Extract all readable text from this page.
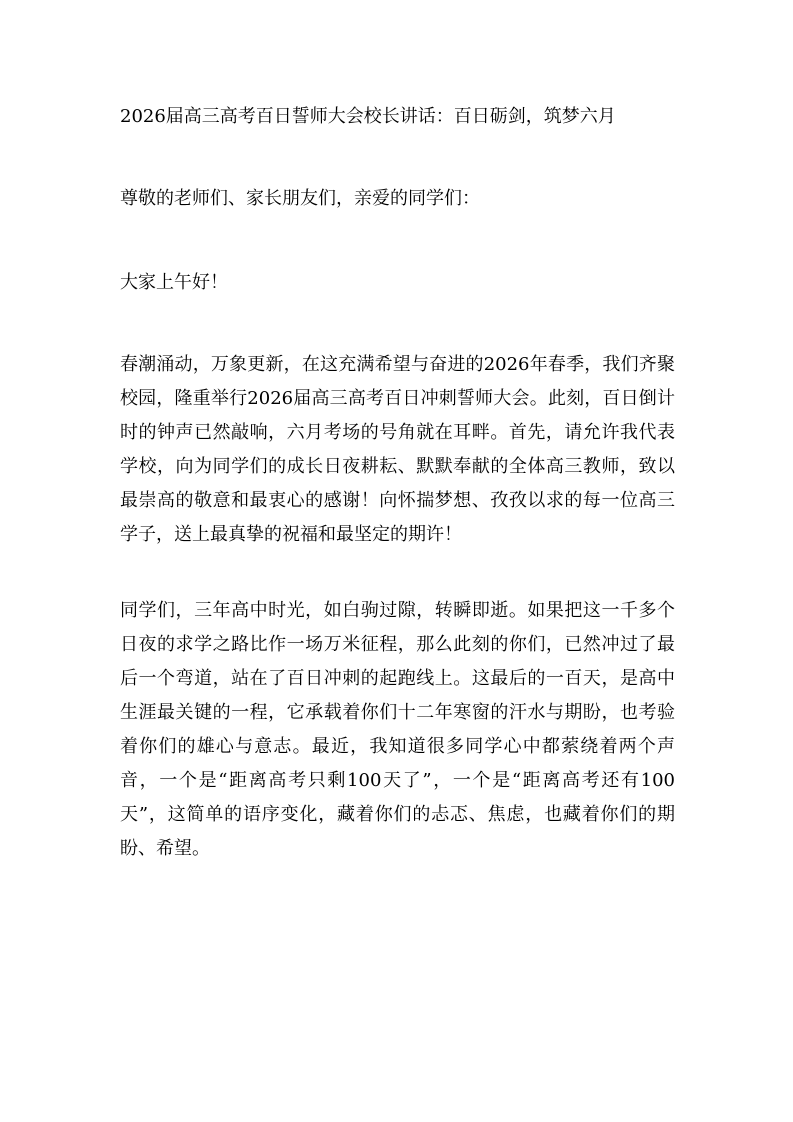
2026届高三高考百日誓师大会校长讲话：百日砺剑，筑梦六月

尊敬的老师们、家长朋友们，亲爱的同学们：

大家上午好！

春潮涌动，万象更新，在这充满希望与奋进的2026年春季，我们齐聚校园，隆重举行2026届高三高考百日冲刺誓师大会。此刻，百日倒计时的钟声已然敲响，六月考场的号角就在耳畔。首先，请允许我代表学校，向为同学们的成长日夜耕耘、默默奉献的全体高三教师，致以最崇高的敬意和最衷心的感谢！向怀揣梦想、孜孜以求的每一位高三学子，送上最真挚的祝福和最坚定的期许！

同学们，三年高中时光，如白驹过隙，转瞬即逝。如果把这一千多个日夜的求学之路比作一场万米征程，那么此刻的你们，已然冲过了最后一个弯道，站在了百日冲刺的起跑线上。这最后的一百天，是高中生涯最关键的一程，它承载着你们十二年寒窗的汗水与期盼，也考验着你们的雄心与意志。最近，我知道很多同学心中都萦绕着两个声音，一个是“距离高考只剩100天了”，一个是“距离高考还有100天”，这简单的语序变化，藏着你们的忐忑、焦虑，也藏着你们的期盼、希望。
